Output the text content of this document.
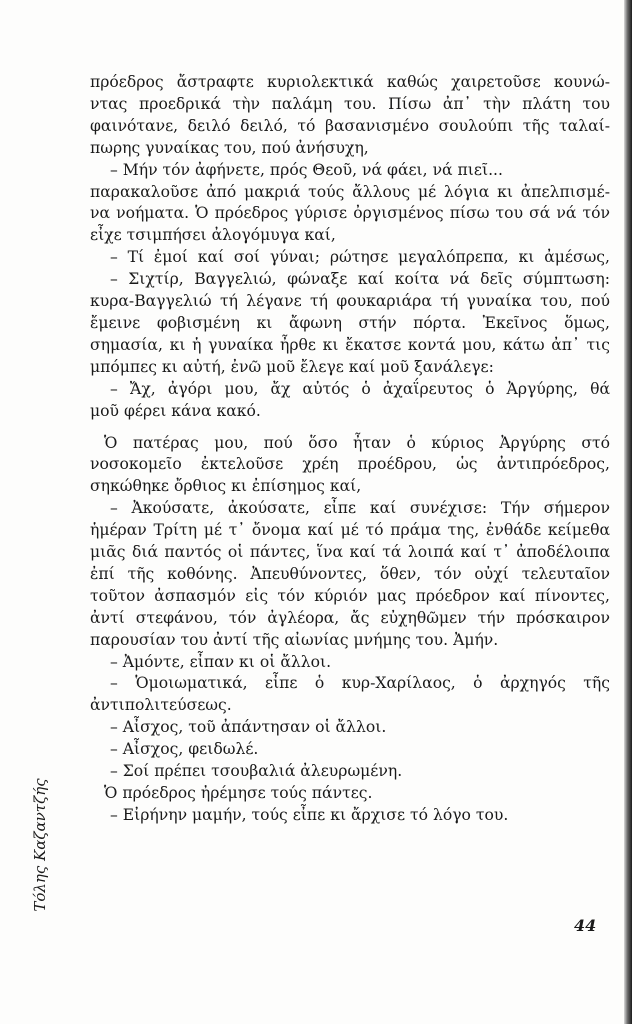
πρόεδρος ἄστραφτε κυριολεκτικά καθώς χαιρετοῦσε κουνώ-
ντας προεδρικά τὴν παλάμη του. Πίσω ἀπ᾿ τὴν πλάτη του
φαινότανε, δειλό δειλό, τό βασανισμένο σουλούπι τῆς ταλαί-
πωρης γυναίκας του, πού ἀνήσυχη,
– Μήν τόν ἀφήνετε, πρός Θεοῦ, νά φάει, νά πιεῖ...
παρακαλοῦσε ἀπό μακριά τούς ἄλλους μέ λόγια κι ἀπελπισμέ-
να νοήματα. Ὁ πρόεδρος γύρισε ὀργισμένος πίσω του σά νά τόν
εἶχε τσιμπήσει ἀλογόμυγα καί,
– Τί ἐμοί καί σοί γύναι; ρώτησε μεγαλόπρεπα, κι ἀμέσως,
– Σιχτίρ, Βαγγελιώ, φώναξε καί κοίτα νά δεῖς σύμπτωση:
κυρα-Βαγγελιώ τή λέγανε τή φουκαριάρα τή γυναίκα του, πού
ἔμεινε φοβισμένη κι ἄφωνη στήν πόρτα. Ἐκεῖνος ὅμως,
σημασία, κι ἡ γυναίκα ἦρθε κι ἔκατσε κοντά μου, κάτω ἀπ᾿ τις
μπόμπες κι αὐτή, ἐνῶ μοῦ ἔλεγε καί μοῦ ξανάλεγε:
– Ἄχ, ἀγόρι μου, ἄχ αὐτός ὁ ἀχαΐρευτος ὁ Ἀργύρης, θά
μοῦ φέρει κάνα κακό.
Ὁ πατέρας μου, πού ὅσο ἦταν ὁ κύριος Ἀργύρης στό
νοσοκομεῖο ἐκτελοῦσε χρέη προέδρου, ὡς ἀντιπρόεδρος,
σηκώθηκε ὄρθιος κι ἐπίσημος καί,
– Ἀκούσατε, ἀκούσατε, εἶπε καί συνέχισε: Τήν σήμερον
ἡμέραν Τρίτη μέ τ᾿ ὄνομα καί μέ τό πράμα της, ἐνθάδε κείμεθα
μιᾶς διά παντός οἱ πάντες, ἵνα καί τά λοιπά καί τ᾿ ἀποδέλοιπα
ἐπί τῆς κοθόνης. Ἀπευθύνοντες, ὅθεν, τόν οὐχί τελευταῖον
τοῦτον ἀσπασμόν εἰς τόν κύριόν μας πρόεδρον καί πίνοντες,
ἀντί στεφάνου, τόν ἀγλέορα, ἄς εὐχηθῶμεν τήν πρόσκαιρον
παρουσίαν του ἀντί τῆς αἰωνίας μνήμης του. Ἀμήν.
– Ἀμόντε, εἶπαν κι οἱ ἄλλοι.
– Ὁμοιωματικά, εἶπε ὁ κυρ-Χαρίλαος, ὁ ἀρχηγός τῆς
ἀντιπολιτεύσεως.
– Αἶσχος, τοῦ ἀπάντησαν οἱ ἄλλοι.
– Αἶσχος, φειδωλέ.
– Σοί πρέπει τσουβαλιά ἀλευρωμένη.
Ὁ πρόεδρος ἠρέμησε τούς πάντες.
– Εἰρήνην μαμήν, τούς εἶπε κι ἄρχισε τό λόγο του.
Τόλης Καζαντζής
44
